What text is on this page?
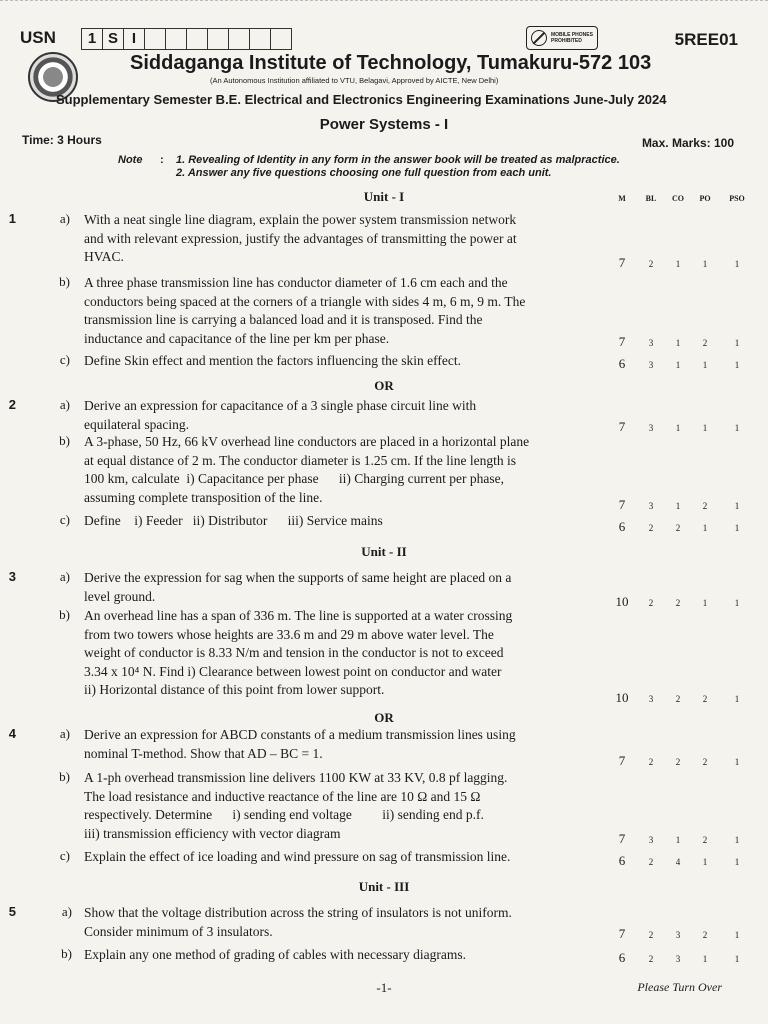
USN	1 S I	MOBILE PHONES
PROHIBITED	5REE01
Siddaganga Institute of Technology, Tumakuru-572 103
(An Autonomous Institution affiliated to VTU, Belagavi, Approved by AICTE, New Delhi)
Supplementary Semester B.E. Electrical and Electronics Engineering Examinations June-July 2024
Power Systems - I
Time: 3 Hours	Max. Marks: 100
Note : 1. Revealing of Identity in any form in the answer book will be treated as malpractice.
2. Answer any five questions choosing one full question from each unit.
M	BL	CO	PO	PSO
Unit - I
OR
Unit - II
OR
Unit - III
1	a) With a neat single line diagram, explain the power system transmission network
and with relevant expression, justify the advantages of transmitting the power at
HVAC.	7	2	1	1	1
b) A three phase transmission line has conductor diameter of 1.6 cm each and the
conductors being spaced at the corners of a triangle with sides 4 m, 6 m, 9 m. The
transmission line is carrying a balanced load and it is transposed. Find the
inductance and capacitance of the line per km per phase.	7	3	1	2	1
c) Define Skin effect and mention the factors influencing the skin effect.	6	3	1	1	1
2	a) Derive an expression for capacitance of a 3 single phase circuit line with
equilateral spacing.	7	3	1	1	1
b) A 3-phase, 50 Hz, 66 kV overhead line conductors are placed in a horizontal plane
at equal distance of 2 m. The conductor diameter is 1.25 cm. If the line length is
100 km, calculate  i) Capacitance per phase      ii) Charging current per phase,
assuming complete transposition of the line.	7	3	1	2	1
c) Define    i) Feeder   ii) Distributor      iii) Service mains	6	2	2	1	1
3	a) Derive the expression for sag when the supports of same height are placed on a
level ground.	10	2	2	1	1
b) An overhead line has a span of 336 m. The line is supported at a water crossing
from two towers whose heights are 33.6 m and 29 m above water level. The
weight of conductor is 8.33 N/m and tension in the conductor is not to exceed
3.34 x 10⁴ N. Find i) Clearance between lowest point on conductor and water
ii) Horizontal distance of this point from lower support.
10	3	2	2	1
4	a) Derive an expression for ABCD constants of a medium transmission lines using
nominal T-method. Show that AD – BC = 1.	7	2	2	2	1
b) A 1-ph overhead transmission line delivers 1100 KW at 33 KV, 0.8 pf lagging.
The load resistance and inductive reactance of the line are 10 Ω and 15 Ω
respectively. Determine      i) sending end voltage         ii) sending end p.f.
iii) transmission efficiency with vector diagram	7	3	1	2	1
c) Explain the effect of ice loading and wind pressure on sag of transmission line.	6	2	4	1	1
5	a) Show that the voltage distribution across the string of insulators is not uniform.
Consider minimum of 3 insulators.	7	2	3	2	1
b) Explain any one method of grading of cables with necessary diagrams.	6	2	3	1	1
-1-	Please Turn Over
